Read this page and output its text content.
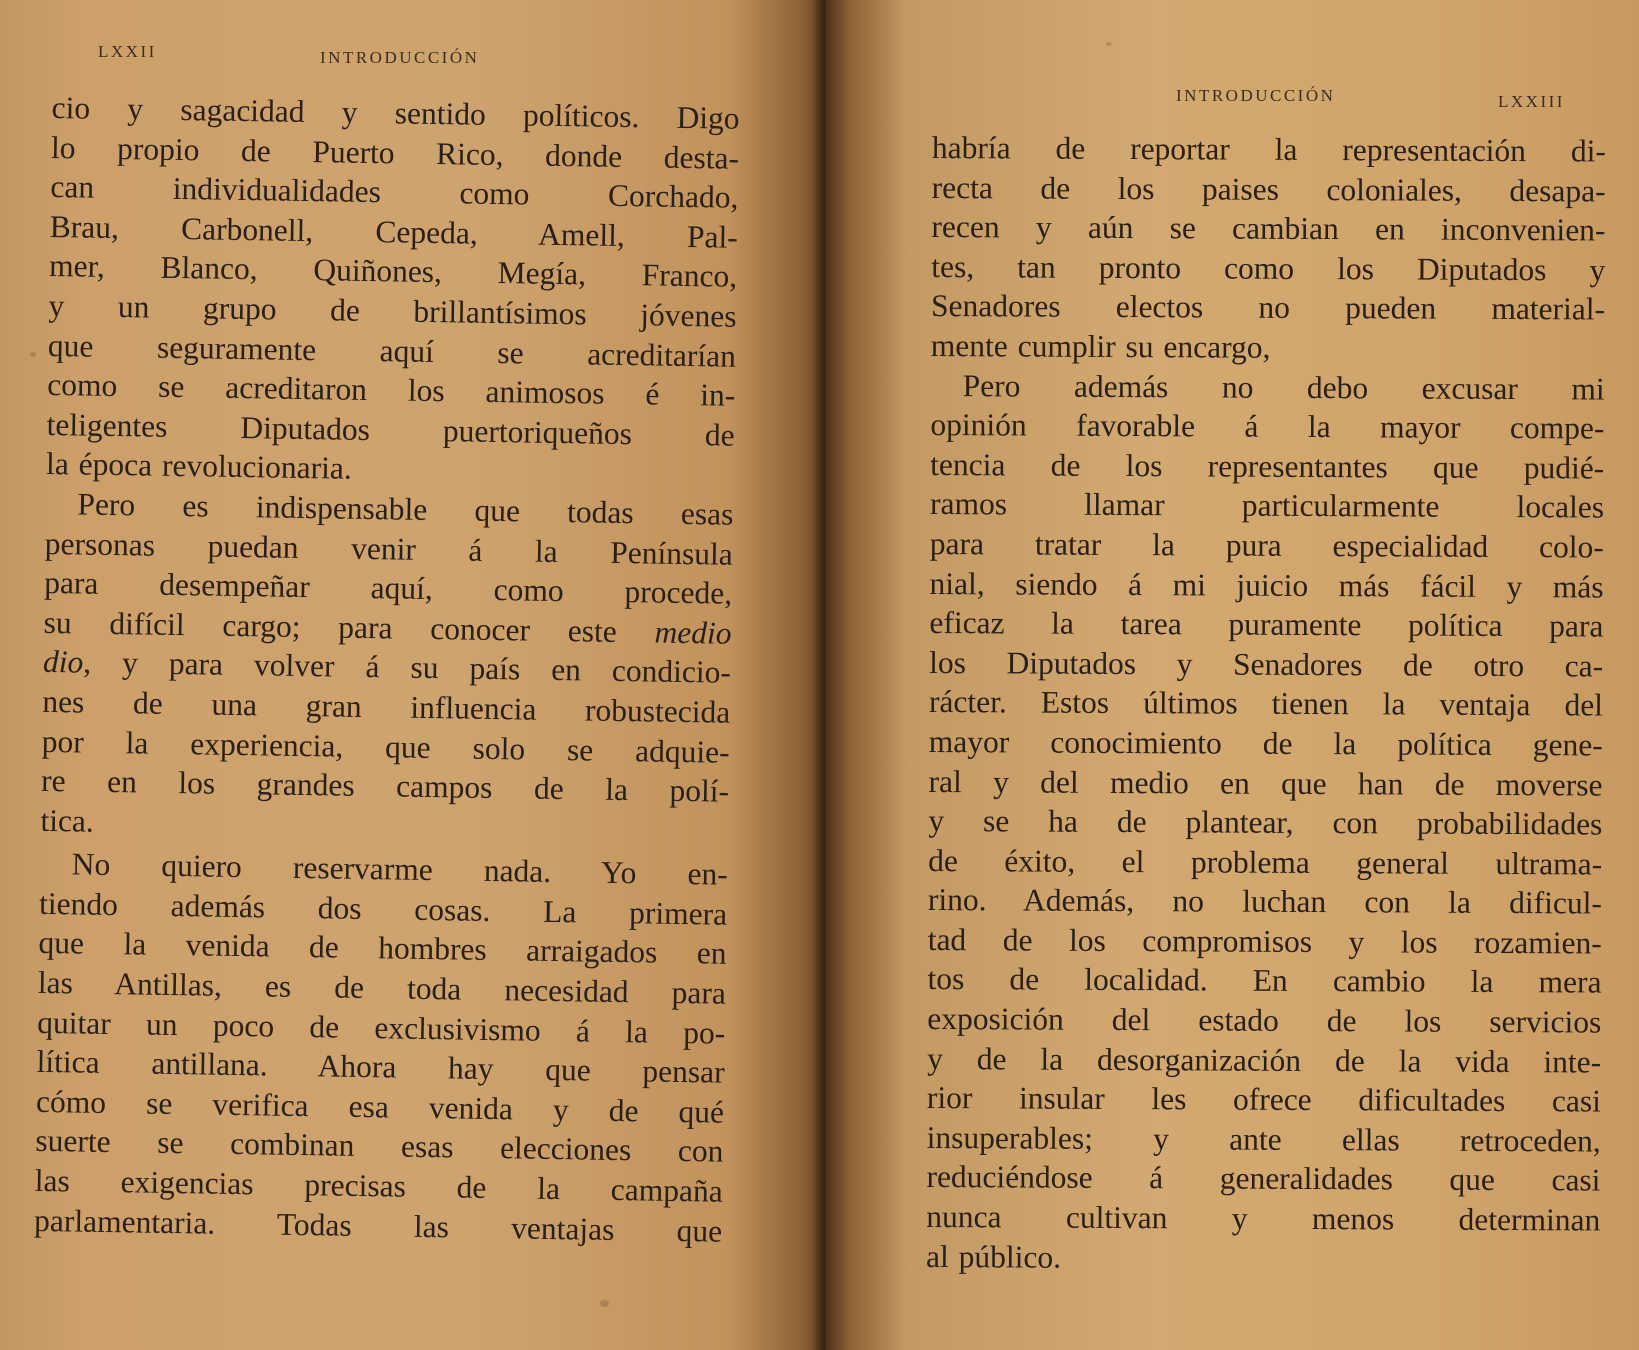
LXXII	INTRODUCCIÓN
cio y sagacidad y sentido políticos. Digo
lo propio de Puerto Rico, donde desta-
can individualidades como Corchado,
Brau, Carbonell, Cepeda, Amell, Pal-
mer, Blanco, Quiñones, Megía, Franco,
y un grupo de brillantísimos jóvenes
que seguramente aquí se acreditarían
como se acreditaron los animosos é in-
teligentes Diputados puertoriqueños de
la época revolucionaria.
Pero es indispensable que todas esas
personas puedan venir á la Península
para desempeñar aquí, como procede,
su difícil cargo; para conocer este medio
dio, y para volver á su país en condicio-
nes de una gran influencia robustecida
por la experiencia, que solo se adquie-
re en los grandes campos de la polí-
tica.
No quiero reservarme nada. Yo en-
tiendo además dos cosas. La primera
que la venida de hombres arraigados en
las Antillas, es de toda necesidad para
quitar un poco de exclusivismo á la po-
lítica antillana. Ahora hay que pensar
cómo se verifica esa venida y de qué
suerte se combinan esas elecciones con
las exigencias precisas de la campaña
parlamentaria. Todas las ventajas que
INTRODUCCIÓN	LXXIII
habría de reportar la representación di-
recta de los paises coloniales, desapa-
recen y aún se cambian en inconvenien-
tes, tan pronto como los Diputados y
Senadores electos no pueden material-
mente cumplir su encargo,
Pero además no debo excusar mi
opinión favorable á la mayor compe-
tencia de los representantes que pudié-
ramos llamar particularmente locales
para tratar la pura especialidad colo-
nial, siendo á mi juicio más fácil y más
eficaz la tarea puramente política para
los Diputados y Senadores de otro ca-
rácter. Estos últimos tienen la ventaja del
mayor conocimiento de la política gene-
ral y del medio en que han de moverse
y se ha de plantear, con probabilidades
de éxito, el problema general ultrama-
rino. Además, no luchan con la dificul-
tad de los compromisos y los rozamien-
tos de localidad. En cambio la mera
exposición del estado de los servicios
y de la desorganización de la vida inte-
rior insular les ofrece dificultades casi
insuperables; y ante ellas retroceden,
reduciéndose á generalidades que casi
nunca cultivan y menos determinan
al público.
